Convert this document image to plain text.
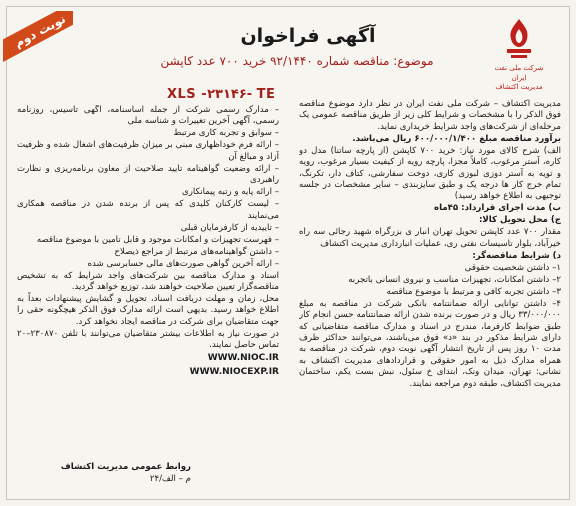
نوبت دوم
شرکت ملی نفت ایران
مدیریت اکتشاف
آگهی فراخوان
موضوع: مناقصه شماره ۹۲/۱۴۴۰ خرید ۷۰۰ عدد کاپشن
XLS -۲۳۱۴۶- TE

مدیریت اکتشاف – شرکت ملی نفت ایران در نظر دارد موضوع مناقصه فوق الذکر را با مشخصات و شرایط کلی زیر از طریق مناقصه عمومی یک مرحله‌ای از شرکت‌های واجد شرایط خریداری نماید.

برآورد مناقصه مبلغ ۶۰۰/۰۰۰/۱/۴۰۰ ریال می‌باشد.

الف) شرح کالای مورد نیاز: خرید ۷۰۰ کاپشن (از پارچه ساتنا) مدل دو کاره، آستر مرغوب، کاملاً مجزا، پارچه رویه از کیفیت بسیار مرغوب، رویه و تویه به آستر دوزی لبوزی کاری، دوخت سفارشی، کتاف دار، تکرنگ، تمام خرج کار ها درجه یک و طبق سایزبندی – سایر مشخصات در جلسه توجیهی به اطلاع خواهد رسید)

ب) مدت اجرای قرارداد: ۴۵ماه

ج) محل تحویل کالا:

مقدار ۷۰۰ عدد کاپشن تحویل تهران انبار ی بزرگراه شهید رجائی سه راه خیرآباد، بلوار تاسیسات نفتی ری، عملیات انبارداری مدیریت اکتشاف

د) شرایط مناقصه‌گر:

۱– داشتن شخصیت حقوقی

۲– داشتن امکانات، تجهیزات مناسب و نیروی انسانی باتجربه

۳– داشتن تجربه کافی و مرتبط با موضوع مناقصه

۴– داشتن توانایی ارائه ضمانتنامه بانکی شرکت در مناقصه به مبلغ ۳۳/۰۰۰/۰۰۰ ریال و در صورت برنده شدن ارائه ضمانتنامه حسن انجام کار طبق ضوابط کارفرما، مندرج در اسناد و مدارک مناقصه متقاضیانی که دارای شرایط مذکور در بند «د» فوق می‌باشند، می‌توانند حداکثر ظرف مدت ۱۰ روز پس از تاریخ انتشار آگهی نوبت دوم، شرکت در مناقصه به همراه مدارک ذیل به امور حقوقی و قراردادهای مدیریت اکتشاف به نشانی: تهران، میدان ونک، ابتدای خ سئول، نبش بست یکم، ساختمان مدیریت اکتشاف، طبقه دوم مراجعه نمایند.

– مدارک رسمی شرکت از جمله اساسنامه، آگهی تاسیس، روزنامه رسمی، آگهی آخرین تغییرات و شناسه ملی

– سوابق و تجربه کاری مرتبط

– ارائه فرم خوداظهاری مبنی بر میزان ظرفیت‌های اشغال شده و ظرفیت آزاد و مبالغ آن

– ارائه وضعیت گواهینامه تایید صلاحیت از معاون برنامه‌ریزی و نظارت راهبردی

– ارائه پایه و رتبه پیمانکاری

– لیست کارکنان کلیدی که پس از برنده شدن در مناقصه همکاری می‌نمایند

– تاییدیه از کارفرمایان قبلی

– فهرست تجهیزات و امکانات موجود و قابل تامین با موضوع مناقصه

– داشتن گواهینامه‌های مرتبط از مراجع ذیصلاح

– ارائه آخرین گواهی صورت‌های مالی حسابرسی شده

اسناد و مدارک مناقصه بین شرکت‌های واجد شرایط که به تشخیص مناقصه‌گزار تعیین صلاحیت خواهند شد، توزیع خواهد گردید.

محل، زمان و مهلت دریافت اسناد، تحویل و گشایش پیشنهادات بعداً به اطلاع خواهد رسید. بدیهی است ارائه مدارک فوق الذکر هیچگونه حقی را جهت متقاضیان برای شرکت در مناقصه ایجاد نخواهد کرد.

در صورت نیاز به اطلاعات بیشتر متقاضیان می‌توانند با تلفن ۲۳۰۸۷۰–۲۰ تماس حاصل نمایند.

WWW.NIOC.IR

WWW.NIOCEXP.IR

روابط عمومی مدیریت اکتشاف
م – الف/۲۴
